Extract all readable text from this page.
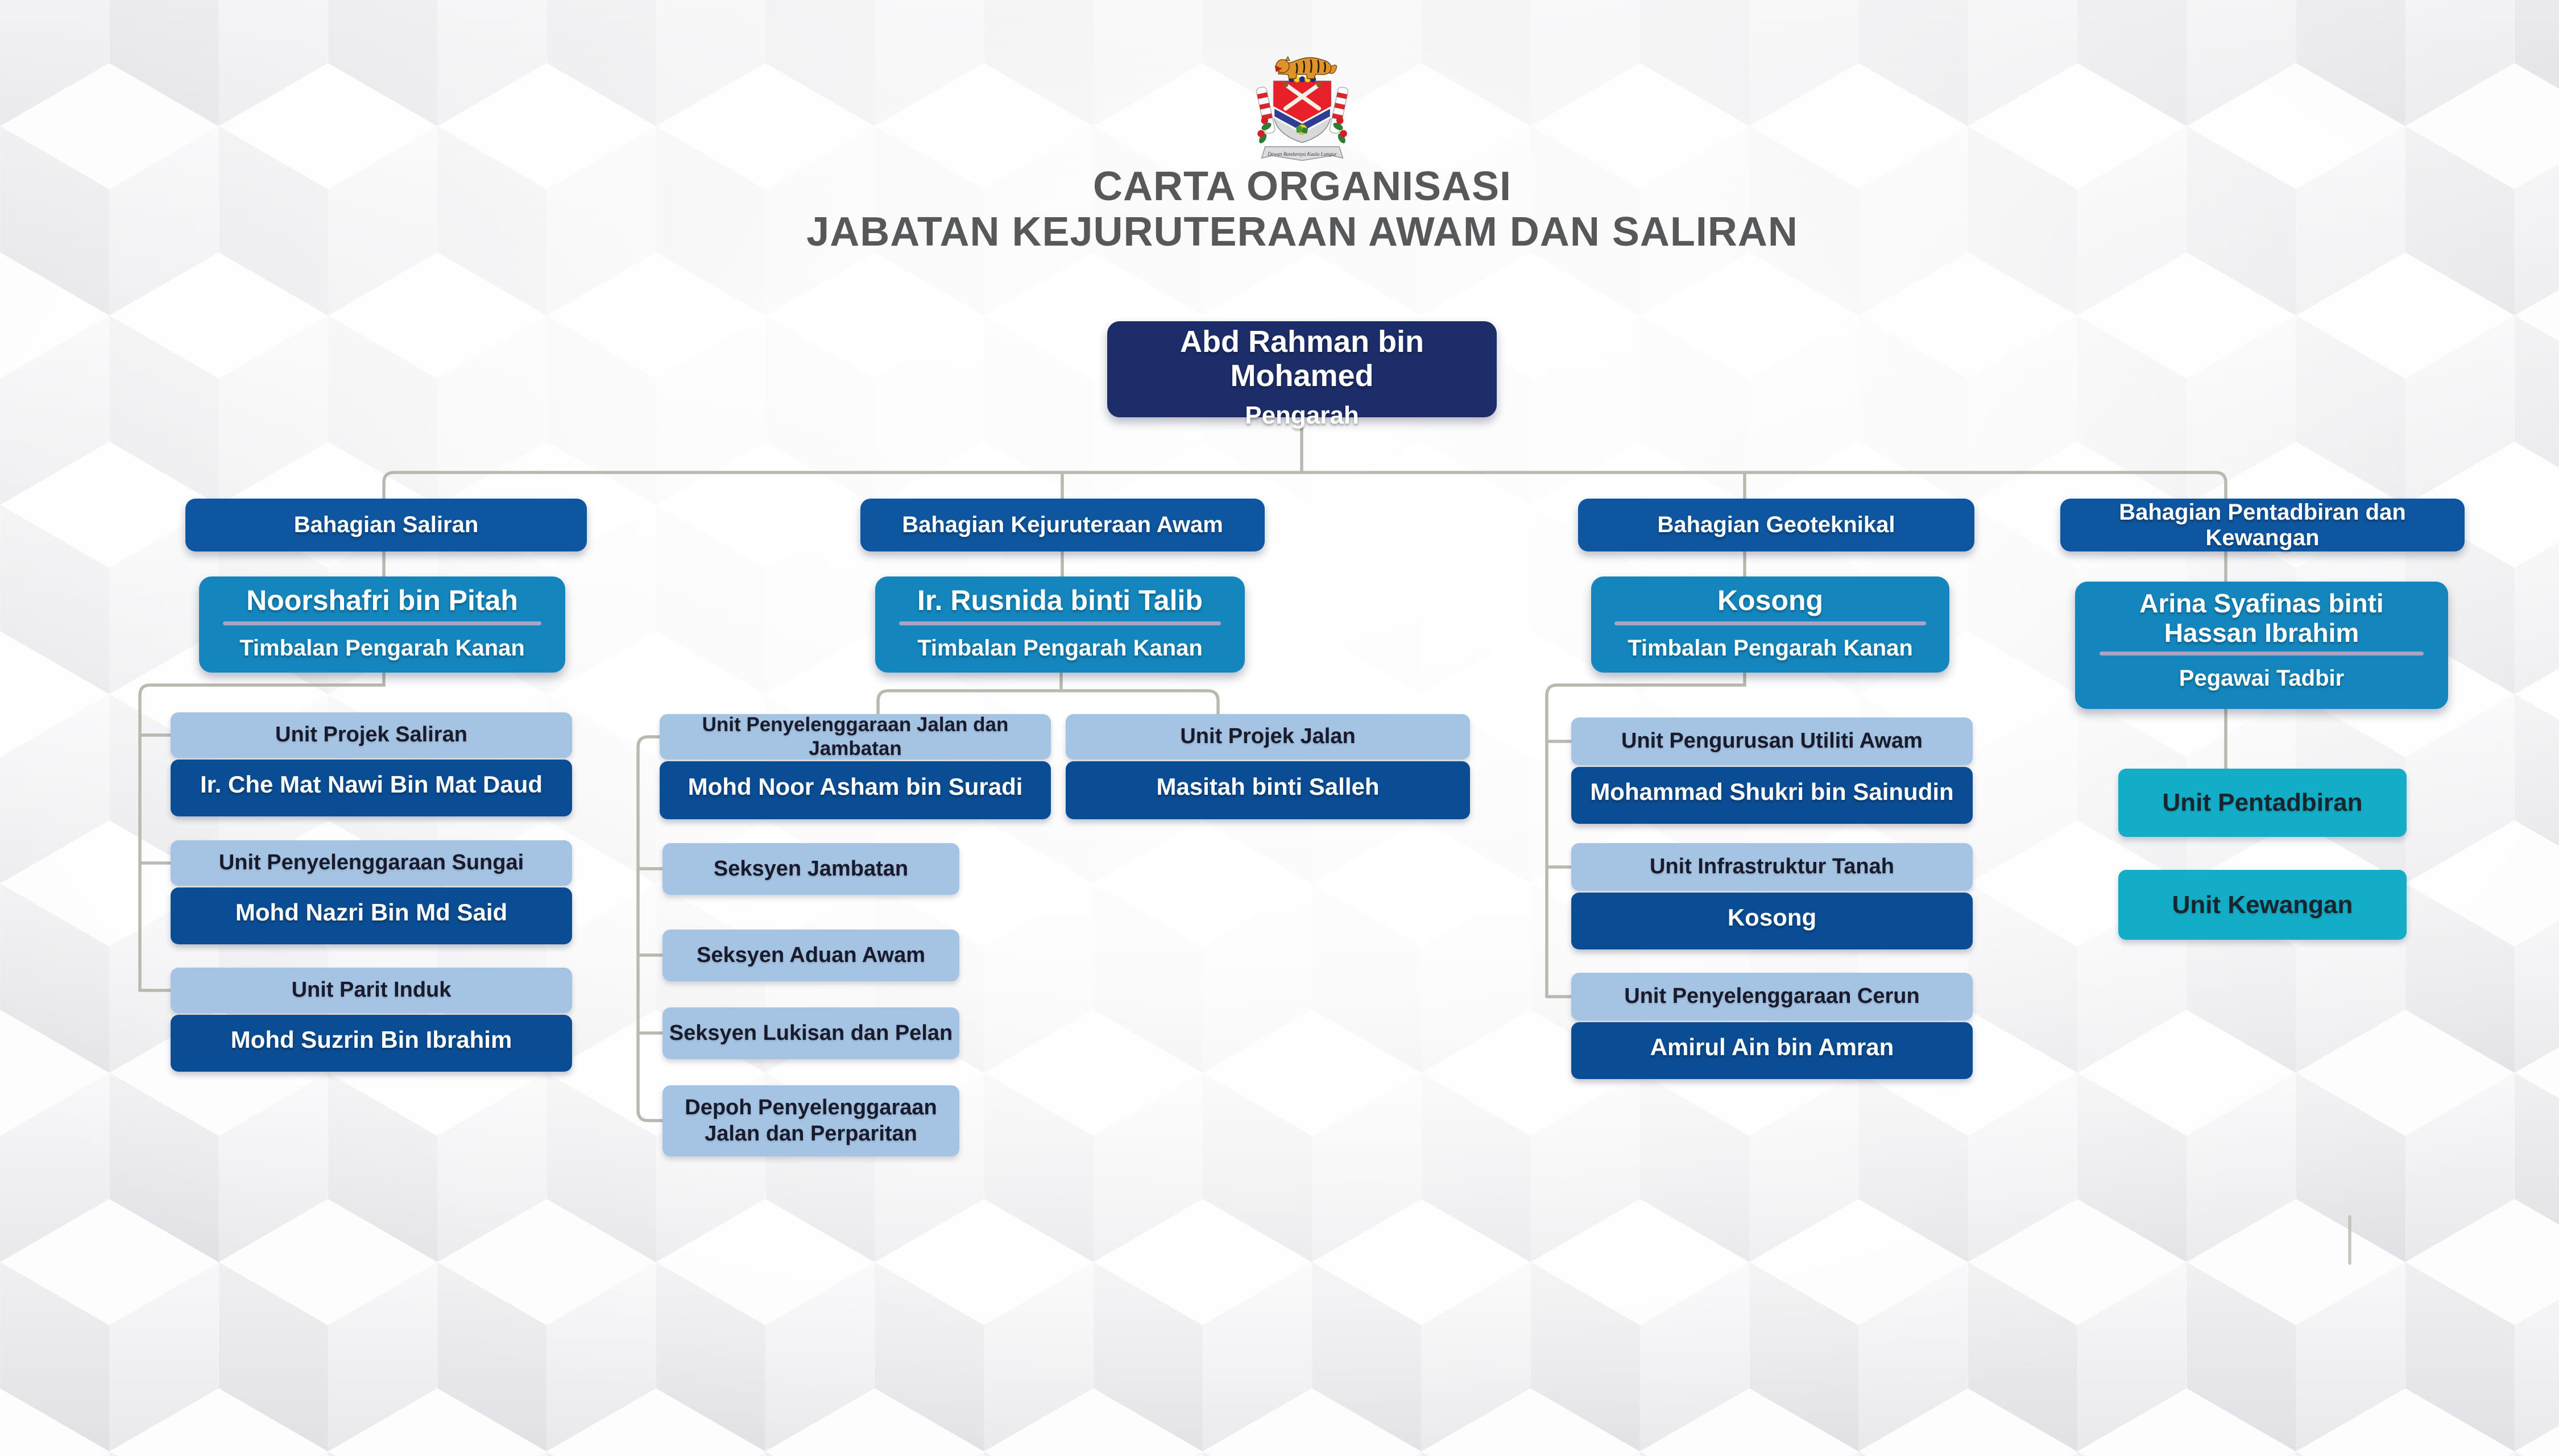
Dewan Bandaraya Kuala Lumpur
CARTA ORGANISASI
JABATAN KEJURUTERAAN AWAM DAN SALIRAN
Abd Rahman bin Mohamed
Pengarah
Bahagian Saliran	Bahagian Kejuruteraan Awam	Bahagian Geoteknikal
Bahagian Pentadbiran dan Kewangan
Noorshafri bin Pitah
Timbalan Pengarah Kanan
Ir. Rusnida binti Talib
Timbalan Pengarah Kanan
Kosong
Timbalan Pengarah Kanan
Arina Syafinas binti Hassan Ibrahim
Pegawai Tadbir
Unit Projek Saliran
Ir. Che Mat Nawi Bin Mat Daud
Unit Penyelenggaraan Sungai
Mohd Nazri Bin Md Said
Unit Parit Induk
Mohd Suzrin Bin Ibrahim
Unit Penyelenggaraan Jalan dan Jambatan
Mohd Noor Asham bin Suradi
Unit Projek Jalan
Masitah binti Salleh
Seksyen Jambatan
Seksyen Aduan Awam
Seksyen Lukisan dan Pelan
Depoh Penyelenggaraan Jalan dan Perparitan
Unit Pengurusan Utiliti Awam
Mohammad Shukri bin Sainudin
Unit Infrastruktur Tanah
Kosong
Unit Penyelenggaraan Cerun
Amirul Ain bin Amran
Unit Pentadbiran
Unit Kewangan
